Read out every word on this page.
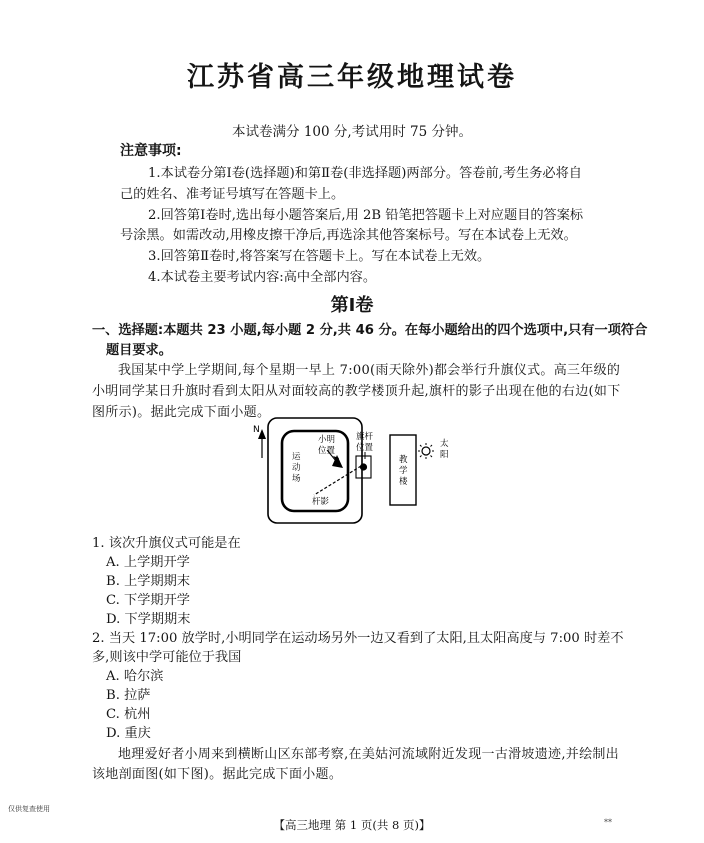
江苏省高三年级地理试卷
本试卷满分 100 分,考试用时 75 分钟。
注意事项:
1.本试卷分第Ⅰ卷(选择题)和第Ⅱ卷(非选择题)两部分。答卷前,考生务必将自
己的姓名、准考证号填写在答题卡上。
2.回答第Ⅰ卷时,选出每小题答案后,用 2B 铅笔把答题卡上对应题目的答案标
号涂黑。如需改动,用橡皮擦干净后,再选涂其他答案标号。写在本试卷上无效。
3.回答第Ⅱ卷时,将答案写在答题卡上。写在本试卷上无效。
4.本试卷主要考试内容:高中全部内容。
第Ⅰ卷
一、选择题:本题共 23 小题,每小题 2 分,共 46 分。在每小题给出的四个选项中,只有一项符合
题目要求。
我国某中学上学期间,每个星期一早上 7:00(雨天除外)都会举行升旗仪式。高三年级的
小明同学某日升旗时看到太阳从对面较高的教学楼顶升起,旗杆的影子出现在他的右边(如下
图所示)。据此完成下面小题。
N
运
动
场
小明
位置
杆影
旗杆
位置
教
学
楼
太
阳
1. 该次升旗仪式可能是在
A. 上学期开学
B. 上学期期末
C. 下学期开学
D. 下学期期末
2. 当天 17:00 放学时,小明同学在运动场另外一边又看到了太阳,且太阳高度与 7:00 时差不
多,则该中学可能位于我国
A. 哈尔滨
B. 拉萨
C. 杭州
D. 重庆
地理爱好者小周来到横断山区东部考察,在美姑河流域附近发现一古滑坡遗迹,并绘制出
该地剖面图(如下图)。据此完成下面小题。
仅供复查使用
【高三地理 第 1 页(共 8 页)】	**
